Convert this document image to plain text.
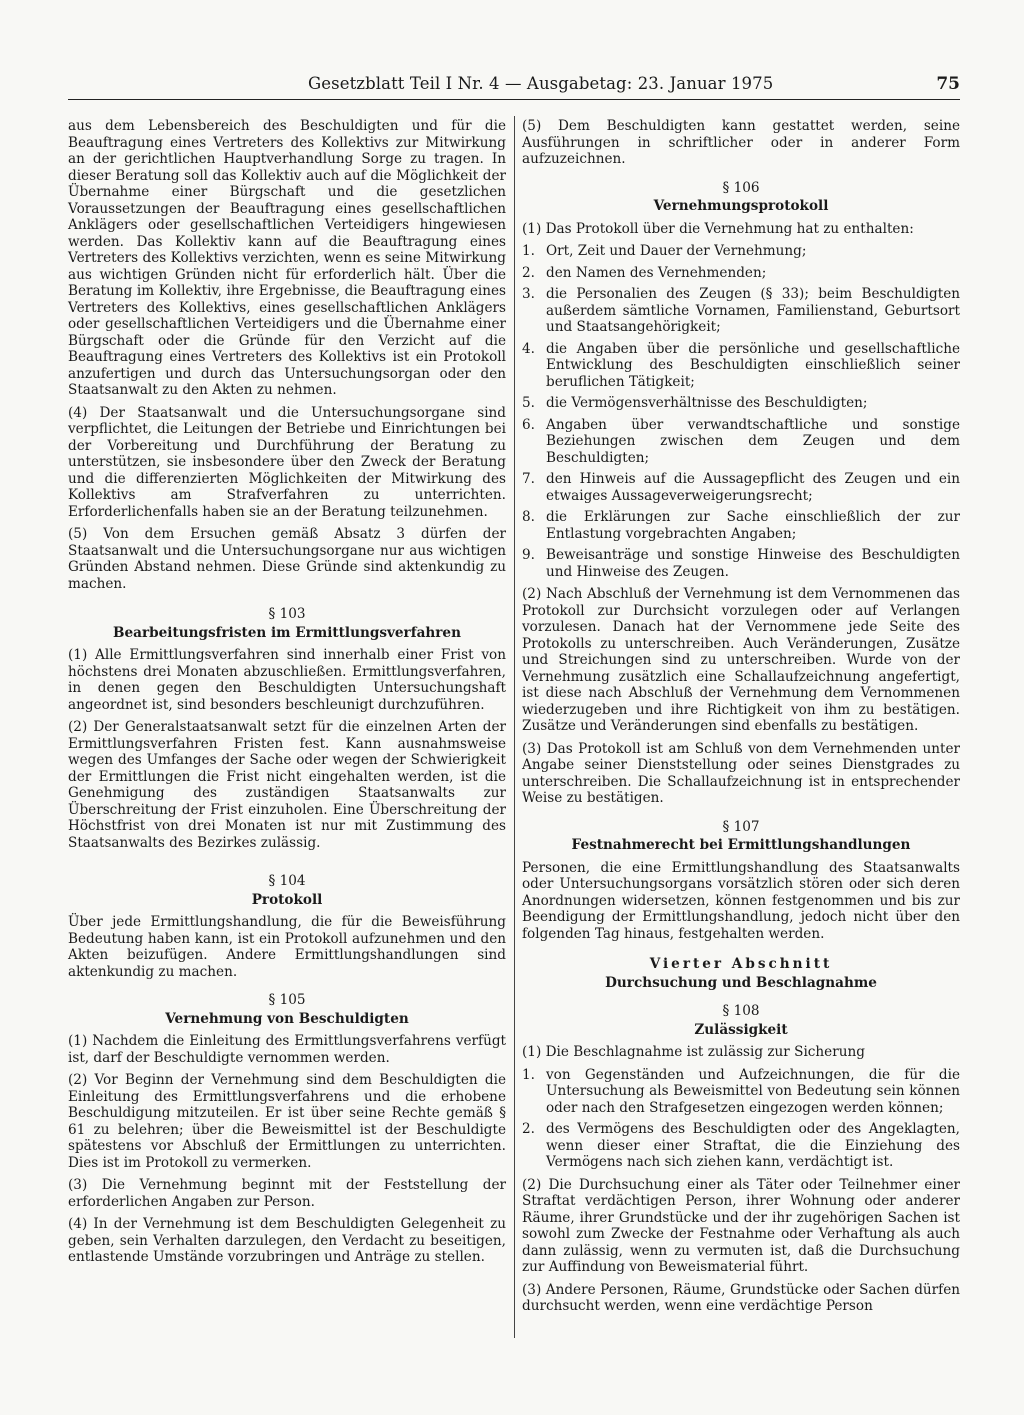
Gesetzblatt Teil I Nr. 4 — Ausgabetag: 23. Januar 1975	75

aus dem Lebensbereich des Beschuldigten und für die Beauftragung eines Vertreters des Kollektivs zur Mitwirkung an der gerichtlichen Hauptverhandlung Sorge zu tragen. In dieser Beratung soll das Kollektiv auch auf die Möglichkeit der Übernahme einer Bürgschaft und die gesetzlichen Voraussetzungen der Beauftragung eines gesellschaftlichen Anklägers oder gesellschaftlichen Verteidigers hingewiesen werden. Das Kollektiv kann auf die Beauftragung eines Vertreters des Kollektivs verzichten, wenn es seine Mitwirkung aus wichtigen Gründen nicht für erforderlich hält. Über die Beratung im Kollektiv, ihre Ergebnisse, die Beauftragung eines Vertreters des Kollektivs, eines gesellschaftlichen Anklägers oder gesellschaftlichen Verteidigers und die Übernahme einer Bürgschaft oder die Gründe für den Verzicht auf die Beauftragung eines Vertreters des Kollektivs ist ein Protokoll anzufertigen und durch das Untersuchungsorgan oder den Staatsanwalt zu den Akten zu nehmen.

(4) Der Staatsanwalt und die Untersuchungsorgane sind verpflichtet, die Leitungen der Betriebe und Einrichtungen bei der Vorbereitung und Durchführung der Beratung zu unterstützen, sie insbesondere über den Zweck der Beratung und die differenzierten Möglichkeiten der Mitwirkung des Kollektivs am Strafverfahren zu unterrichten. Erforderlichenfalls haben sie an der Beratung teilzunehmen.

(5) Von dem Ersuchen gemäß Absatz 3 dürfen der Staatsanwalt und die Untersuchungsorgane nur aus wichtigen Gründen Abstand nehmen. Diese Gründe sind aktenkundig zu machen.

§ 103
Bearbeitungsfristen im Ermittlungsverfahren

(1) Alle Ermittlungsverfahren sind innerhalb einer Frist von höchstens drei Monaten abzuschließen. Ermittlungsverfahren, in denen gegen den Beschuldigten Untersuchungshaft angeordnet ist, sind besonders beschleunigt durchzuführen.

(2) Der Generalstaatsanwalt setzt für die einzelnen Arten der Ermittlungsverfahren Fristen fest. Kann ausnahmsweise wegen des Umfanges der Sache oder wegen der Schwierigkeit der Ermittlungen die Frist nicht eingehalten werden, ist die Genehmigung des zuständigen Staatsanwalts zur Überschreitung der Frist einzuholen. Eine Überschreitung der Höchstfrist von drei Monaten ist nur mit Zustimmung des Staatsanwalts des Bezirkes zulässig.

§ 104
Protokoll

Über jede Ermittlungshandlung, die für die Beweisführung Bedeutung haben kann, ist ein Protokoll aufzunehmen und den Akten beizufügen. Andere Ermittlungshandlungen sind aktenkundig zu machen.

§ 105
Vernehmung von Beschuldigten

(1) Nachdem die Einleitung des Ermittlungsverfahrens verfügt ist, darf der Beschuldigte vernommen werden.

(2) Vor Beginn der Vernehmung sind dem Beschuldigten die Einleitung des Ermittlungsverfahrens und die erhobene Beschuldigung mitzuteilen. Er ist über seine Rechte gemäß § 61 zu belehren; über die Beweismittel ist der Beschuldigte spätestens vor Abschluß der Ermittlungen zu unterrichten. Dies ist im Protokoll zu vermerken.

(3) Die Vernehmung beginnt mit der Feststellung der erforderlichen Angaben zur Person.

(4) In der Vernehmung ist dem Beschuldigten Gelegenheit zu geben, sein Verhalten darzulegen, den Verdacht zu beseitigen, entlastende Umstände vorzubringen und Anträge zu stellen.

(5) Dem Beschuldigten kann gestattet werden, seine Ausführungen in schriftlicher oder in anderer Form aufzuzeichnen.

§ 106
Vernehmungsprotokoll

(1) Das Protokoll über die Vernehmung hat zu enthalten:

1. Ort, Zeit und Dauer der Vernehmung;
2. den Namen des Vernehmenden;
3. die Personalien des Zeugen (§ 33); beim Beschuldigten außerdem sämtliche Vornamen, Familienstand, Geburtsort und Staatsangehörigkeit;
4. die Angaben über die persönliche und gesellschaftliche Entwicklung des Beschuldigten einschließlich seiner beruflichen Tätigkeit;
5. die Vermögensverhältnisse des Beschuldigten;
6. Angaben über verwandtschaftliche und sonstige Beziehungen zwischen dem Zeugen und dem Beschuldigten;
7. den Hinweis auf die Aussagepflicht des Zeugen und ein etwaiges Aussageverweigerungsrecht;
8. die Erklärungen zur Sache einschließlich der zur Entlastung vorgebrachten Angaben;
9. Beweisanträge und sonstige Hinweise des Beschuldigten und Hinweise des Zeugen.

(2) Nach Abschluß der Vernehmung ist dem Vernommenen das Protokoll zur Durchsicht vorzulegen oder auf Verlangen vorzulesen. Danach hat der Vernommene jede Seite des Protokolls zu unterschreiben. Auch Veränderungen, Zusätze und Streichungen sind zu unterschreiben. Wurde von der Vernehmung zusätzlich eine Schallaufzeichnung angefertigt, ist diese nach Abschluß der Vernehmung dem Vernommenen wiederzugeben und ihre Richtigkeit von ihm zu bestätigen. Zusätze und Veränderungen sind ebenfalls zu bestätigen.

(3) Das Protokoll ist am Schluß von dem Vernehmenden unter Angabe seiner Dienststellung oder seines Dienstgrades zu unterschreiben. Die Schallaufzeichnung ist in entsprechender Weise zu bestätigen.

§ 107
Festnahmerecht bei Ermittlungshandlungen

Personen, die eine Ermittlungshandlung des Staatsanwalts oder Untersuchungsorgans vorsätzlich stören oder sich deren Anordnungen widersetzen, können festgenommen und bis zur Beendigung der Ermittlungshandlung, jedoch nicht über den folgenden Tag hinaus, festgehalten werden.

Vierter Abschnitt
Durchsuchung und Beschlagnahme
§ 108
Zulässigkeit

(1) Die Beschlagnahme ist zulässig zur Sicherung

1. von Gegenständen und Aufzeichnungen, die für die Untersuchung als Beweismittel von Bedeutung sein können oder nach den Strafgesetzen eingezogen werden können;
2. des Vermögens des Beschuldigten oder des Angeklagten, wenn dieser einer Straftat, die die Einziehung des Vermögens nach sich ziehen kann, verdächtigt ist.

(2) Die Durchsuchung einer als Täter oder Teilnehmer einer Straftat verdächtigen Person, ihrer Wohnung oder anderer Räume, ihrer Grundstücke und der ihr zugehörigen Sachen ist sowohl zum Zwecke der Festnahme oder Verhaftung als auch dann zulässig, wenn zu vermuten ist, daß die Durchsuchung zur Auffindung von Beweismaterial führt.

(3) Andere Personen, Räume, Grundstücke oder Sachen dürfen durchsucht werden, wenn eine verdächtige Person
